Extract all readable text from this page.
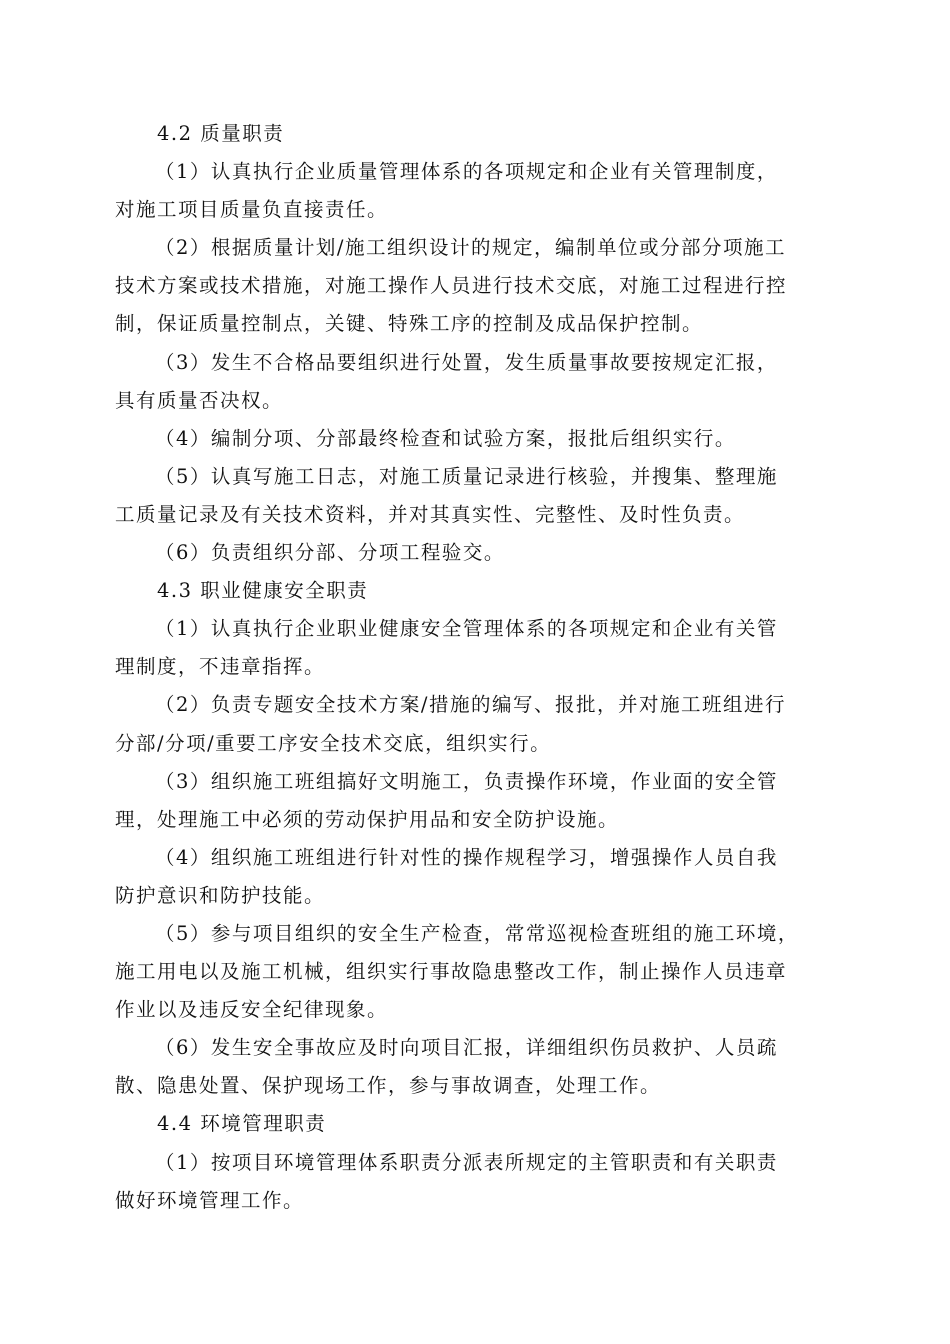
4.2 质量职责
（1）认真执行企业质量管理体系的各项规定和企业有关管理制度，
对施工项目质量负直接责任。
（2）根据质量计划/施工组织设计的规定，编制单位或分部分项施工
技术方案或技术措施，对施工操作人员进行技术交底，对施工过程进行控
制，保证质量控制点，关键、特殊工序的控制及成品保护控制。
（3）发生不合格品要组织进行处置，发生质量事故要按规定汇报，
具有质量否决权。
（4）编制分项、分部最终检查和试验方案，报批后组织实行。
（5）认真写施工日志，对施工质量记录进行核验，并搜集、整理施
工质量记录及有关技术资料，并对其真实性、完整性、及时性负责。
（6）负责组织分部、分项工程验交。
4.3 职业健康安全职责
（1）认真执行企业职业健康安全管理体系的各项规定和企业有关管
理制度，不违章指挥。
（2）负责专题安全技术方案/措施的编写、报批，并对施工班组进行
分部/分项/重要工序安全技术交底，组织实行。
（3）组织施工班组搞好文明施工，负责操作环境，作业面的安全管
理，处理施工中必须的劳动保护用品和安全防护设施。
（4）组织施工班组进行针对性的操作规程学习，增强操作人员自我
防护意识和防护技能。
（5）参与项目组织的安全生产检查，常常巡视检查班组的施工环境，
施工用电以及施工机械，组织实行事故隐患整改工作，制止操作人员违章
作业以及违反安全纪律现象。
（6）发生安全事故应及时向项目汇报，详细组织伤员救护、人员疏
散、隐患处置、保护现场工作，参与事故调查，处理工作。
4.4 环境管理职责
（1）按项目环境管理体系职责分派表所规定的主管职责和有关职责
做好环境管理工作。
